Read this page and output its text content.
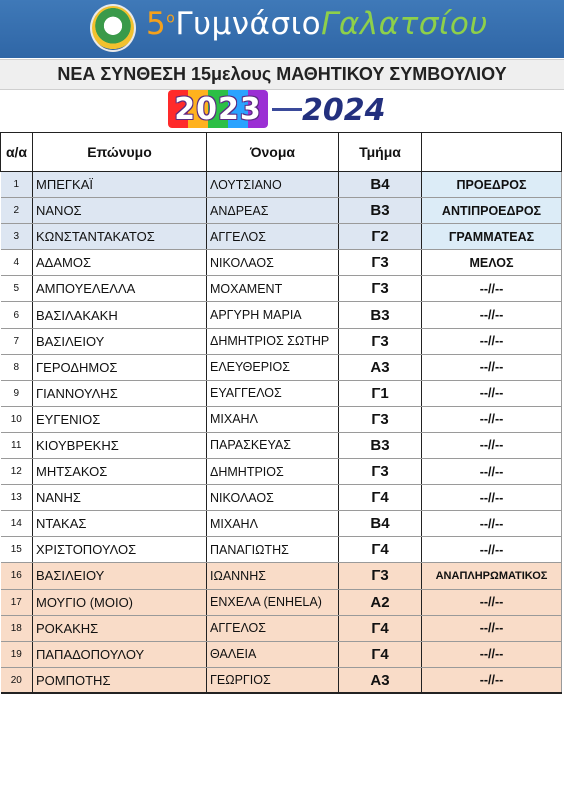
$5^o\Gamma\upsilon\mu\nu ά\sigma\iota o\Gamma\alpha\lambda\alpha\tau\sigma ίo\upsilon$
ΝΕΑ ΣΥΝΘΕΣΗ 15μελους ΜΑΘΗΤΙΚΟΥ ΣΥΜΒΟΥΛΙΟΥ
2023 2024
α/α	Επώνυμο	Όνομα	Τμήμα	
1	ΜΠΕΓΚΑΪ	ΛΟΥΤΣΙΑΝΟ	Β4	ΠΡΟΕΔΡΟΣ
2	ΝΑΝΟΣ	ΑΝΔΡΕΑΣ	Β3	ΑΝΤΙΠΡΟΕΔΡΟΣ
3	ΚΩΝΣΤΑΝΤΑΚΑΤΟΣ	ΑΓΓΕΛΟΣ	Γ2	ΓΡΑΜΜΑΤΕΑΣ
4	ΑΔΑΜΟΣ	ΝΙΚΟΛΑΟΣ	Γ3	ΜΕΛΟΣ
5	ΑΜΠΟΥΕΛΕΛΛΑ	ΜΟΧΑΜΕΝΤ	Γ3	--//--
6	ΒΑΣΙΛΑΚΑΚΗ	ΑΡΓΥΡΗ ΜΑΡΙΑ	Β3	--//--
7	ΒΑΣΙΛΕΙΟΥ	ΔΗΜΗΤΡΙΟΣ ΣΩΤΗΡ	Γ3	--//--
8	ΓΕΡΟΔΗΜΟΣ	ΕΛΕΥΘΕΡΙΟΣ	Α3	--//--
9	ΓΙΑΝΝΟΥΛΗΣ	ΕΥΑΓΓΕΛΟΣ	Γ1	--//--
10	ΕΥΓΕΝΙΟΣ	ΜΙΧΑΗΛ	Γ3	--//--
11	ΚΙΟΥΒΡΕΚΗΣ	ΠΑΡΑΣΚΕΥΑΣ	Β3	--//--
12	ΜΗΤΣΑΚΟΣ	ΔΗΜΗΤΡΙΟΣ	Γ3	--//--
13	ΝΑΝΗΣ	ΝΙΚΟΛΑΟΣ	Γ4	--//--
14	ΝΤΑΚΑΣ	ΜΙΧΑΗΛ	Β4	--//--
15	ΧΡΙΣΤΟΠΟΥΛΟΣ	ΠΑΝΑΓΙΩΤΗΣ	Γ4	--//--
16	ΒΑΣΙΛΕΙΟΥ	ΙΩΑΝΝΗΣ	Γ3	ΑΝΑΠΛΗΡΩΜΑΤΙΚΟΣ
17	ΜΟΥΓΙΟ (ΜΟΙΟ)	ΕΝΧΕΛΑ (ENHELA)	Α2	--//--
18	ΡΟΚΑΚΗΣ	ΑΓΓΕΛΟΣ	Γ4	--//--
19	ΠΑΠΑΔΟΠΟΥΛΟΥ	ΘΑΛΕΙΑ	Γ4	--//--
20	ΡΟΜΠΟΤΗΣ	ΓΕΩΡΓΙΟΣ	Α3	--//--
